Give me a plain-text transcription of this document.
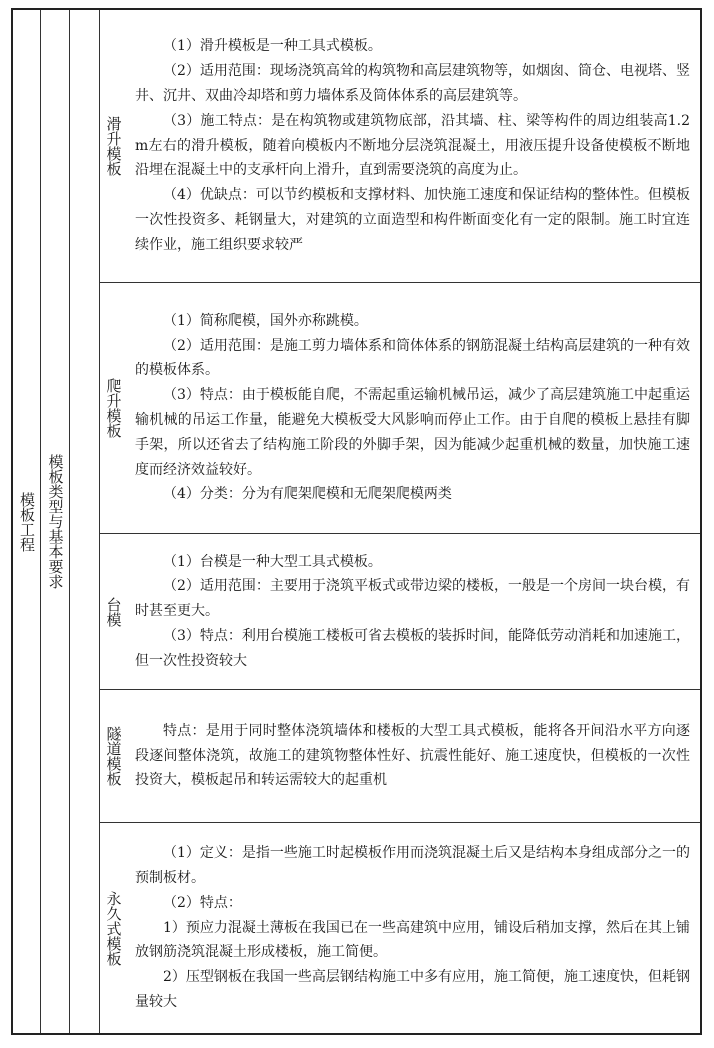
模板工程 模板类型与基本要求
滑升模板

（1）滑升模板是一种工具式模板。

（2）适用范围：现场浇筑高耸的构筑物和高层建筑物等，如烟囱、筒仓、电视塔、竖井、沉井、双曲冷却塔和剪力墙体系及筒体体系的高层建筑等。

（3）施工特点：是在构筑物或建筑物底部，沿其墙、柱、梁等构件的周边组装高1.2m左右的滑升模板，随着向模板内不断地分层浇筑混凝土，用液压提升设备使模板不断地沿埋在混凝土中的支承杆向上滑升，直到需要浇筑的高度为止。

（4）优缺点：可以节约模板和支撑材料、加快施工速度和保证结构的整体性。但模板一次性投资多、耗钢量大，对建筑的立面造型和构件断面变化有一定的限制。施工时宜连续作业，施工组织要求较严

爬升模板

（1）简称爬模，国外亦称跳模。

（2）适用范围：是施工剪力墙体系和筒体体系的钢筋混凝土结构高层建筑的一种有效的模板体系。

（3）特点：由于模板能自爬，不需起重运输机械吊运，减少了高层建筑施工中起重运输机械的吊运工作量，能避免大模板受大风影响而停止工作。由于自爬的模板上悬挂有脚手架，所以还省去了结构施工阶段的外脚手架，因为能减少起重机械的数量，加快施工速度而经济效益较好。

（4）分类：分为有爬架爬模和无爬架爬模两类

台模

（1）台模是一种大型工具式模板。

（2）适用范围：主要用于浇筑平板式或带边梁的楼板，一般是一个房间一块台模，有时甚至更大。

（3）特点：利用台模施工楼板可省去模板的装拆时间，能降低劳动消耗和加速施工，但一次性投资较大

隧道模板	特点：是用于同时整体浇筑墙体和楼板的大型工具式模板，能将各开间沿水平方向逐段逐间整体浇筑，故施工的建筑物整体性好、抗震性能好、施工速度快，但模板的一次性投资大，模板起吊和转运需较大的起重机

永久式模板

（1）定义：是指一些施工时起模板作用而浇筑混凝土后又是结构本身组成部分之一的预制板材。

（2）特点：

1）预应力混凝土薄板在我国已在一些高建筑中应用，铺设后稍加支撑，然后在其上铺放钢筋浇筑混凝土形成楼板，施工简便。

2）压型钢板在我国一些高层钢结构施工中多有应用，施工简便，施工速度快，但耗钢量较大
